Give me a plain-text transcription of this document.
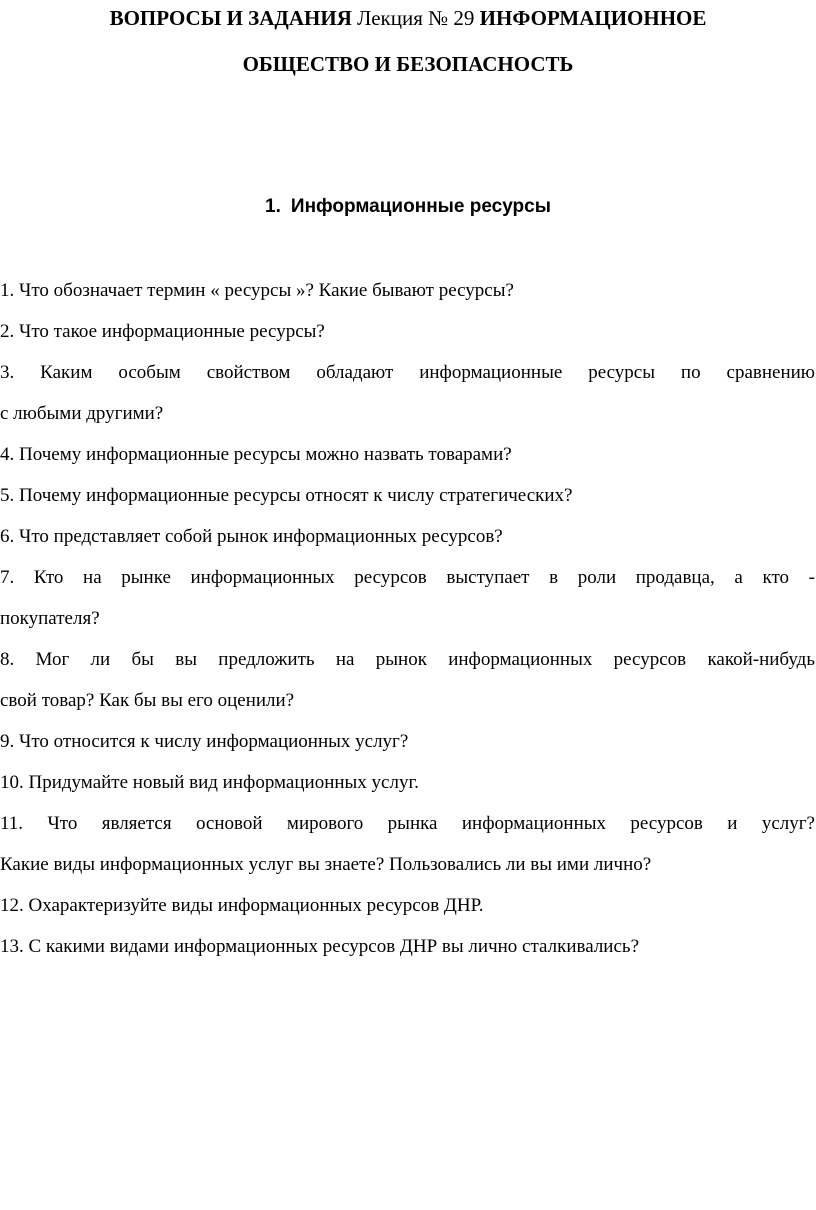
ВОПРОСЫ И ЗАДАНИЯ Лекция № 29 ИНФОРМАЦИОННОЕ
ОБЩЕСТВО И БЕЗОПАСНОСТЬ
1. Информационные ресурсы
1. Что обозначает термин « ресурсы »? Какие бывают ресурсы?
2. Что такое информационные ресурсы?
3. Каким особым свойством обладают информационные ресурсы по сравнению
с любыми другими?
4. Почему информационные ресурсы можно назвать товарами?
5. Почему информационные ресурсы относят к числу стратегических?
6. Что представляет собой рынок информационных ресурсов?
7. Кто на рынке информационных ресурсов выступает в роли продавца, а кто -
покупателя?
8. Мог ли бы вы предложить на рынок информационных ресурсов какой-нибудь
свой товар? Как бы вы его оценили?
9. Что относится к числу информационных услуг?
10. Придумайте новый вид информационных услуг.
11. Что является основой мирового рынка информационных ресурсов и услуг?
Какие виды информационных услуг вы знаете? Пользовались ли вы ими лично?
12. Охарактеризуйте виды информационных ресурсов ДНР.
13. С какими видами информационных ресурсов ДНР вы лично сталкивались?
